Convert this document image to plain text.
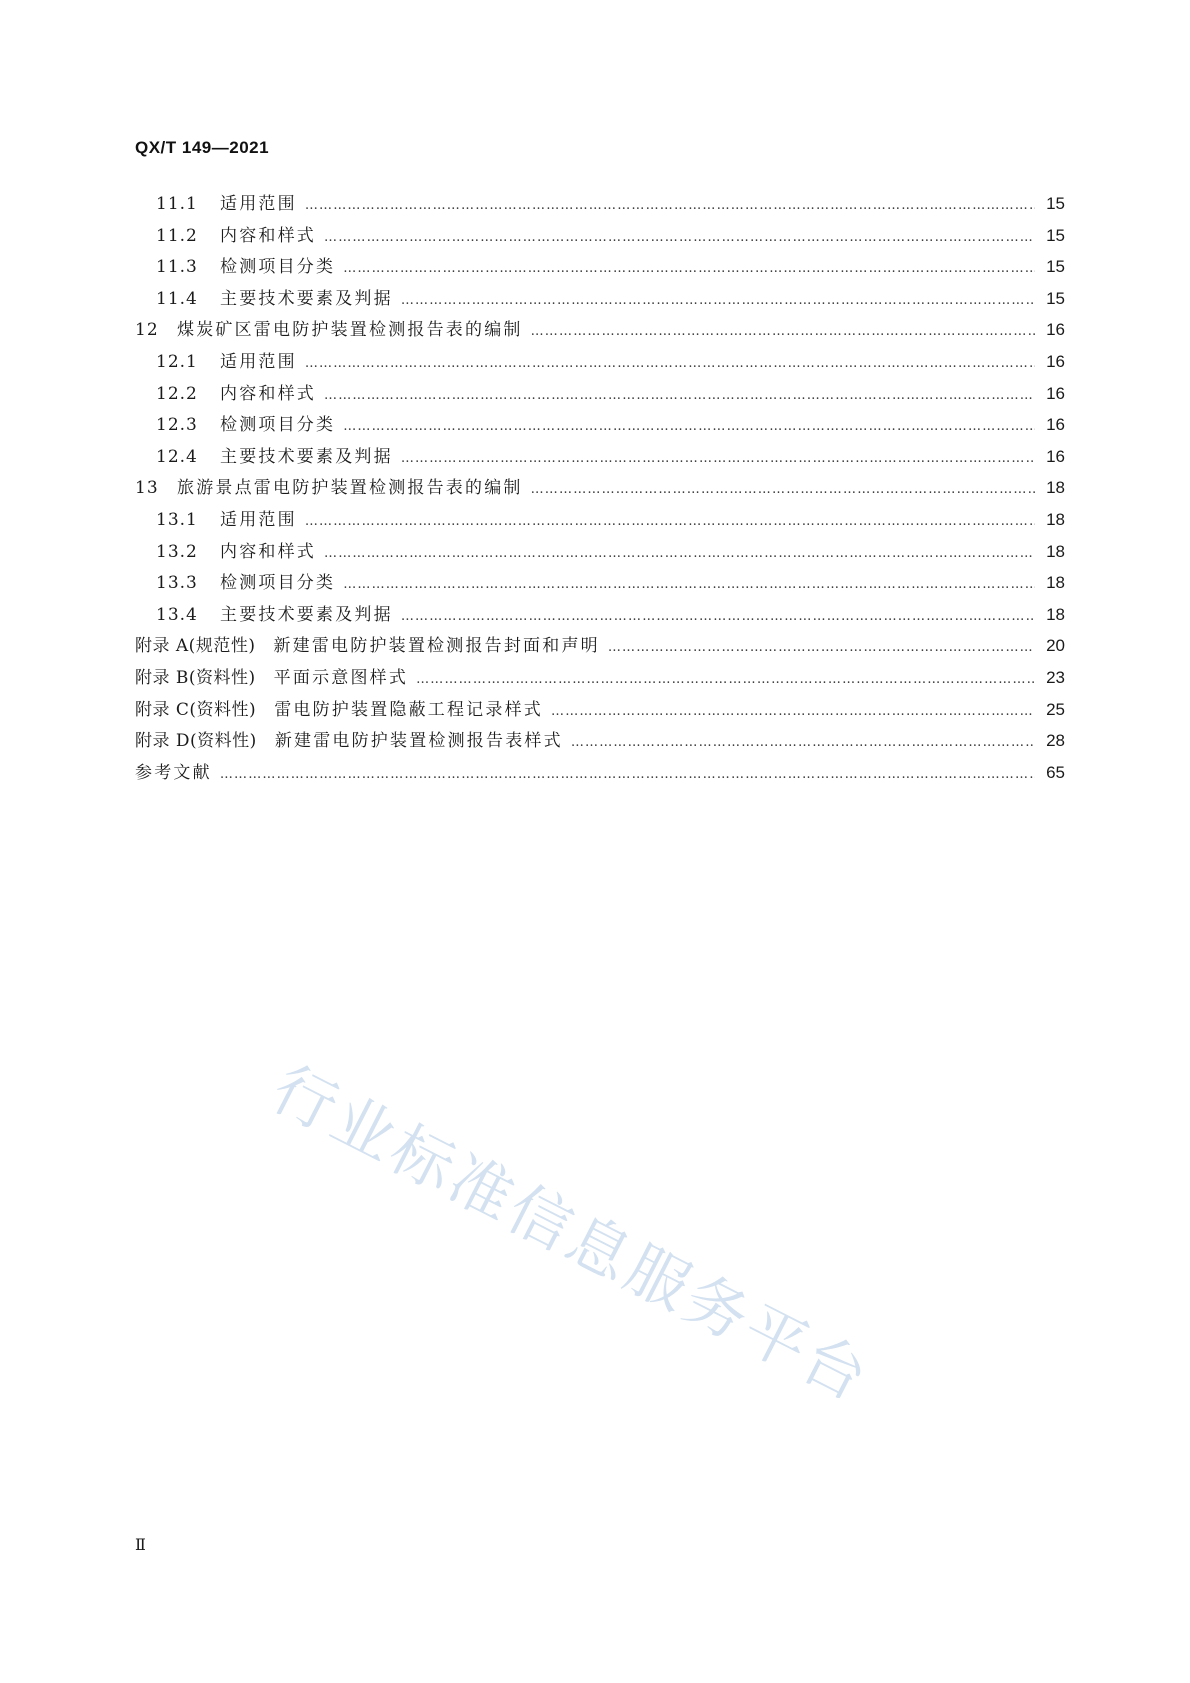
QX/T 149—2021
11.1	适用范围 …………………………………………………………………………………………………………………………………………………………………………………………………………………………………………	15
11.2	内容和样式 …………………………………………………………………………………………………………………………………………………………………………………………………………………………………………	15
11.3	检测项目分类 …………………………………………………………………………………………………………………………………………………………………………………………………………………………………………	15
11.4	主要技术要素及判据 …………………………………………………………………………………………………………………………………………………………………………………………………………………………………………	15
12	煤炭矿区雷电防护装置检测报告表的编制 …………………………………………………………………………………………………………………………………………………………………………………………………………………………………………	16
12.1	适用范围 …………………………………………………………………………………………………………………………………………………………………………………………………………………………………………	16
12.2	内容和样式 …………………………………………………………………………………………………………………………………………………………………………………………………………………………………………	16
12.3	检测项目分类 …………………………………………………………………………………………………………………………………………………………………………………………………………………………………………	16
12.4	主要技术要素及判据 …………………………………………………………………………………………………………………………………………………………………………………………………………………………………………	16
13	旅游景点雷电防护装置检测报告表的编制 …………………………………………………………………………………………………………………………………………………………………………………………………………………………………………	18
13.1	适用范围 …………………………………………………………………………………………………………………………………………………………………………………………………………………………………………	18
13.2	内容和样式 …………………………………………………………………………………………………………………………………………………………………………………………………………………………………………	18
13.3	检测项目分类 …………………………………………………………………………………………………………………………………………………………………………………………………………………………………………	18
13.4	主要技术要素及判据 …………………………………………………………………………………………………………………………………………………………………………………………………………………………………………	18
附录 A(规范性) 新建雷电防护装置检测报告封面和声明 …………………………………………………………………………………………………………………………………………………………………………………………………………………………………………	20
附录 B(资料性) 平面示意图样式 …………………………………………………………………………………………………………………………………………………………………………………………………………………………………………	23
附录 C(资料性) 雷电防护装置隐蔽工程记录样式 …………………………………………………………………………………………………………………………………………………………………………………………………………………………………………	25
附录 D(资料性) 新建雷电防护装置检测报告表样式 …………………………………………………………………………………………………………………………………………………………………………………………………………………………………………	28
参考文献 …………………………………………………………………………………………………………………………………………………………………………………………………………………………………………	65
行业标准信息服务平台
Ⅱ
